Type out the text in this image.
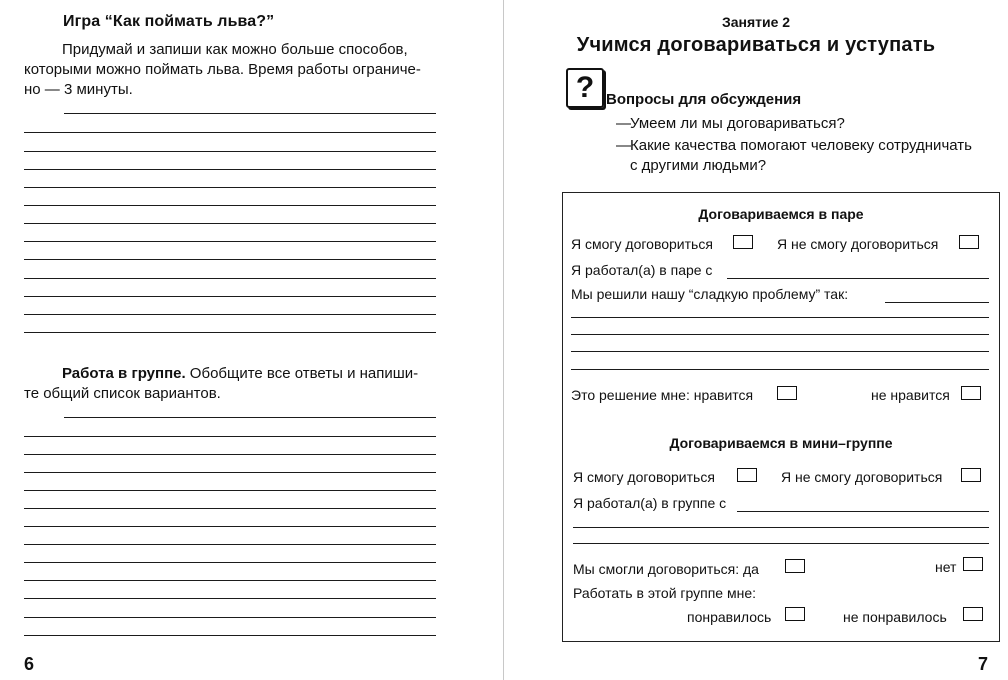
Игра “Как поймать льва?”
Придумай и запиши как можно больше способов,
которыми можно поймать льва. Время работы ограниче-
но — 3 минуты.
Работа в группе. Обобщите все ответы и напиши-
те общий список вариантов.
6
Занятие 2
Учимся договариваться и уступать
? Вопросы для обсуждения
—Умеем ли мы договариваться?
—Какие качества помогают человеку сотрудничать
с другими людьми?
Договариваемся в паре
Я смогу договориться	Я не смогу договориться
Я работал(а) в паре с
Мы решили нашу “сладкую проблему” так:
Это решение мне: нравится	не нравится
Договариваемся в мини–группе
Я смогу договориться	Я не смогу договориться
Я работал(а) в группе с
Мы смогли договориться: да	нет
Работать в этой группе мне:
понравилось	не понравилось
7
